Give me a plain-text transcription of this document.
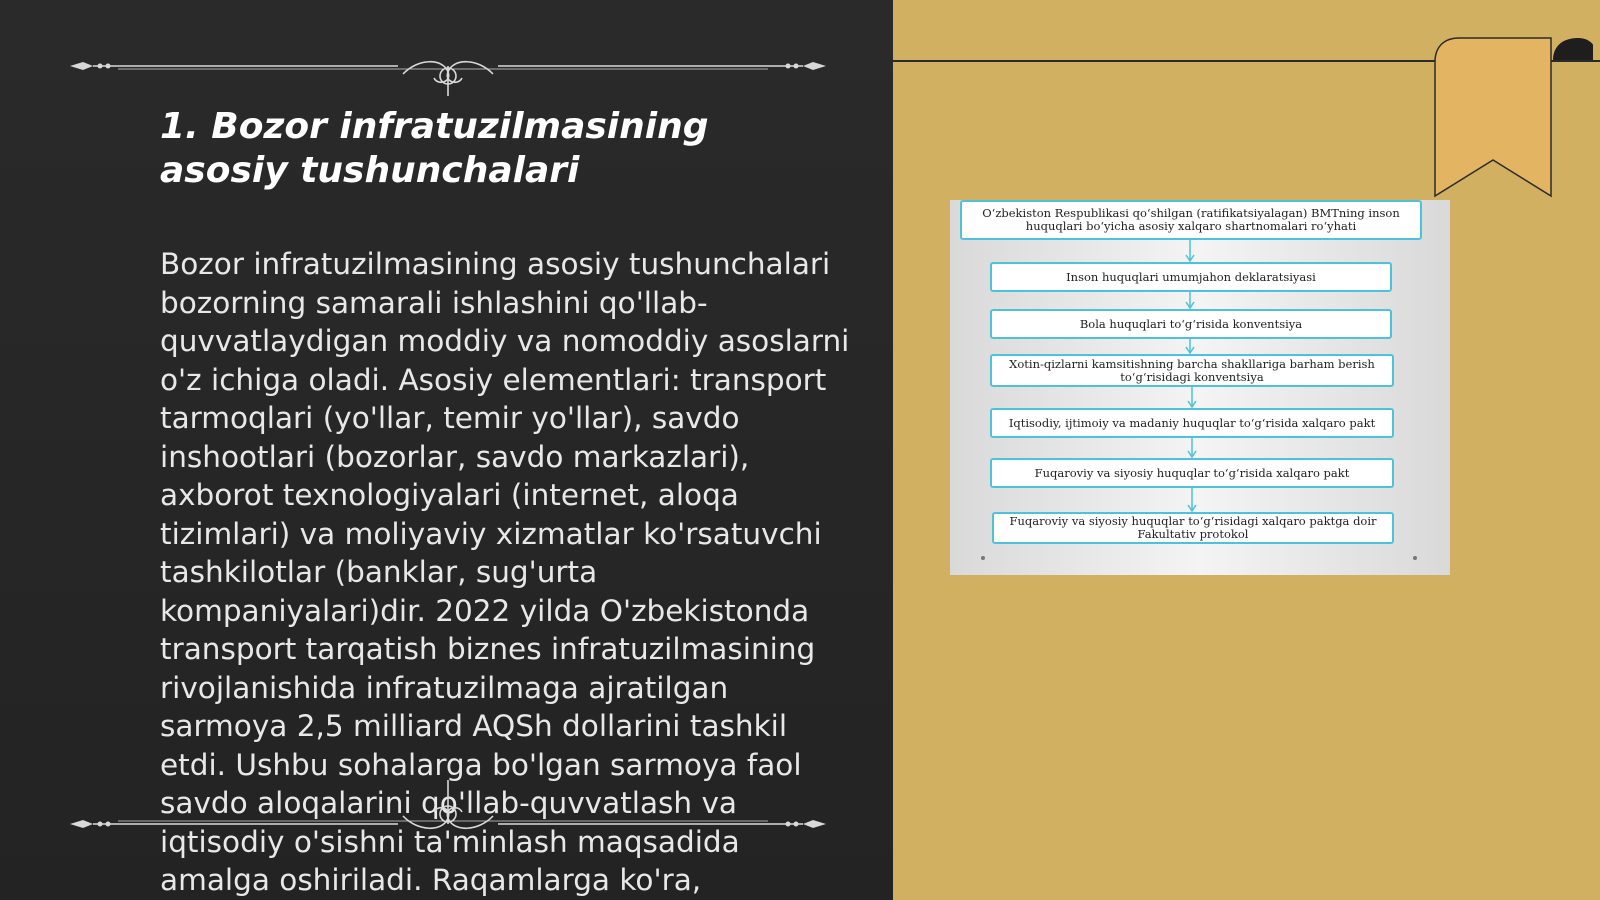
1. Bozor infratuzilmasining asosiy tushunchalari

Bozor infratuzilmasining asosiy tushunchalari bozorning samarali ishlashini qo'llab-quvvatlaydigan moddiy va nomoddiy asoslarni o'z ichiga oladi. Asosiy elementlari: transport tarmoqlari (yo'llar, temir yo'llar), savdo inshootlari (bozorlar, savdo markazlari), axborot texnologiyalari (internet, aloqa tizimlari) va moliyaviy xizmatlar ko'rsatuvchi tashkilotlar (banklar, sug'urta kompaniyalari)dir. 2022 yilda O'zbekistonda transport tarqatish biznes infratuzilmasining rivojlanishida infratuzilmaga ajratilgan sarmoya 2,5 milliard AQSh dollarini tashkil etdi. Ushbu sohalarga bo'lgan sarmoya faol savdo aloqalarini qo'llab-quvvatlash va iqtisodiy o'sishni ta'minlash maqsadida amalga oshiriladi. Raqamlarga ko'ra,

O‘zbekiston Respublikasi qo‘shilgan (ratifikatsiyalagan) BMTning inson huquqlari bo‘yicha asosiy xalqaro shartnomalari ro‘yhati
Inson huquqlari umumjahon deklaratsiyasi
Bola huquqlari to‘g‘risida konventsiya
Xotin-qizlarni kamsitishning barcha shakllariga barham berish to‘g‘risidagi konventsiya
Iqtisodiy, ijtimoiy va madaniy huquqlar to‘g‘risida xalqaro pakt
Fuqaroviy va siyosiy huquqlar to‘g‘risida xalqaro pakt
Fuqaroviy va siyosiy huquqlar to‘g‘risidagi xalqaro paktga doir Fakultativ protokol
